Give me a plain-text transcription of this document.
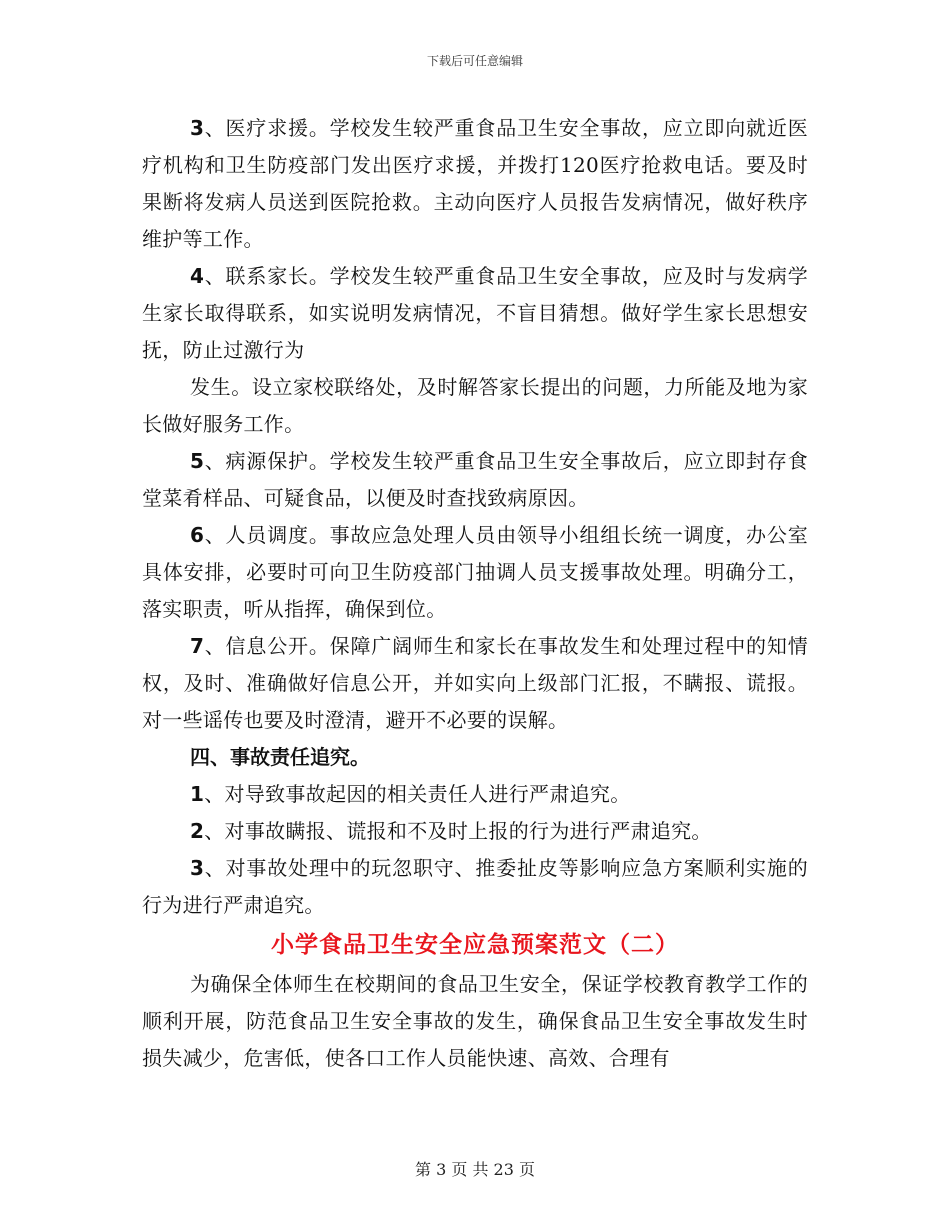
下载后可任意编辑

3、医疗求援。学校发生较严重食品卫生安全事故，应立即向就近医疗机构和卫生防疫部门发出医疗求援，并拨打120医疗抢救电话。要及时果断将发病人员送到医院抢救。主动向医疗人员报告发病情况，做好秩序维护等工作。

4、联系家长。学校发生较严重食品卫生安全事故，应及时与发病学生家长取得联系，如实说明发病情况，不盲目猜想。做好学生家长思想安抚，防止过激行为

发生。设立家校联络处，及时解答家长提出的问题，力所能及地为家长做好服务工作。

5、病源保护。学校发生较严重食品卫生安全事故后，应立即封存食堂菜肴样品、可疑食品，以便及时查找致病原因。

6、人员调度。事故应急处理人员由领导小组组长统一调度，办公室具体安排，必要时可向卫生防疫部门抽调人员支援事故处理。明确分工，落实职责，听从指挥，确保到位。

7、信息公开。保障广阔师生和家长在事故发生和处理过程中的知情权，及时、准确做好信息公开，并如实向上级部门汇报，不瞒报、谎报。对一些谣传也要及时澄清，避开不必要的误解。

四、事故责任追究。

1、对导致事故起因的相关责任人进行严肃追究。

2、对事故瞒报、谎报和不及时上报的行为进行严肃追究。

3、对事故处理中的玩忽职守、推委扯皮等影响应急方案顺利实施的行为进行严肃追究。

小学食品卫生安全应急预案范文（二）

为确保全体师生在校期间的食品卫生安全，保证学校教育教学工作的顺利开展，防范食品卫生安全事故的发生，确保食品卫生安全事故发生时损失减少，危害低，使各口工作人员能快速、高效、合理有

第 3 页 共 23 页
